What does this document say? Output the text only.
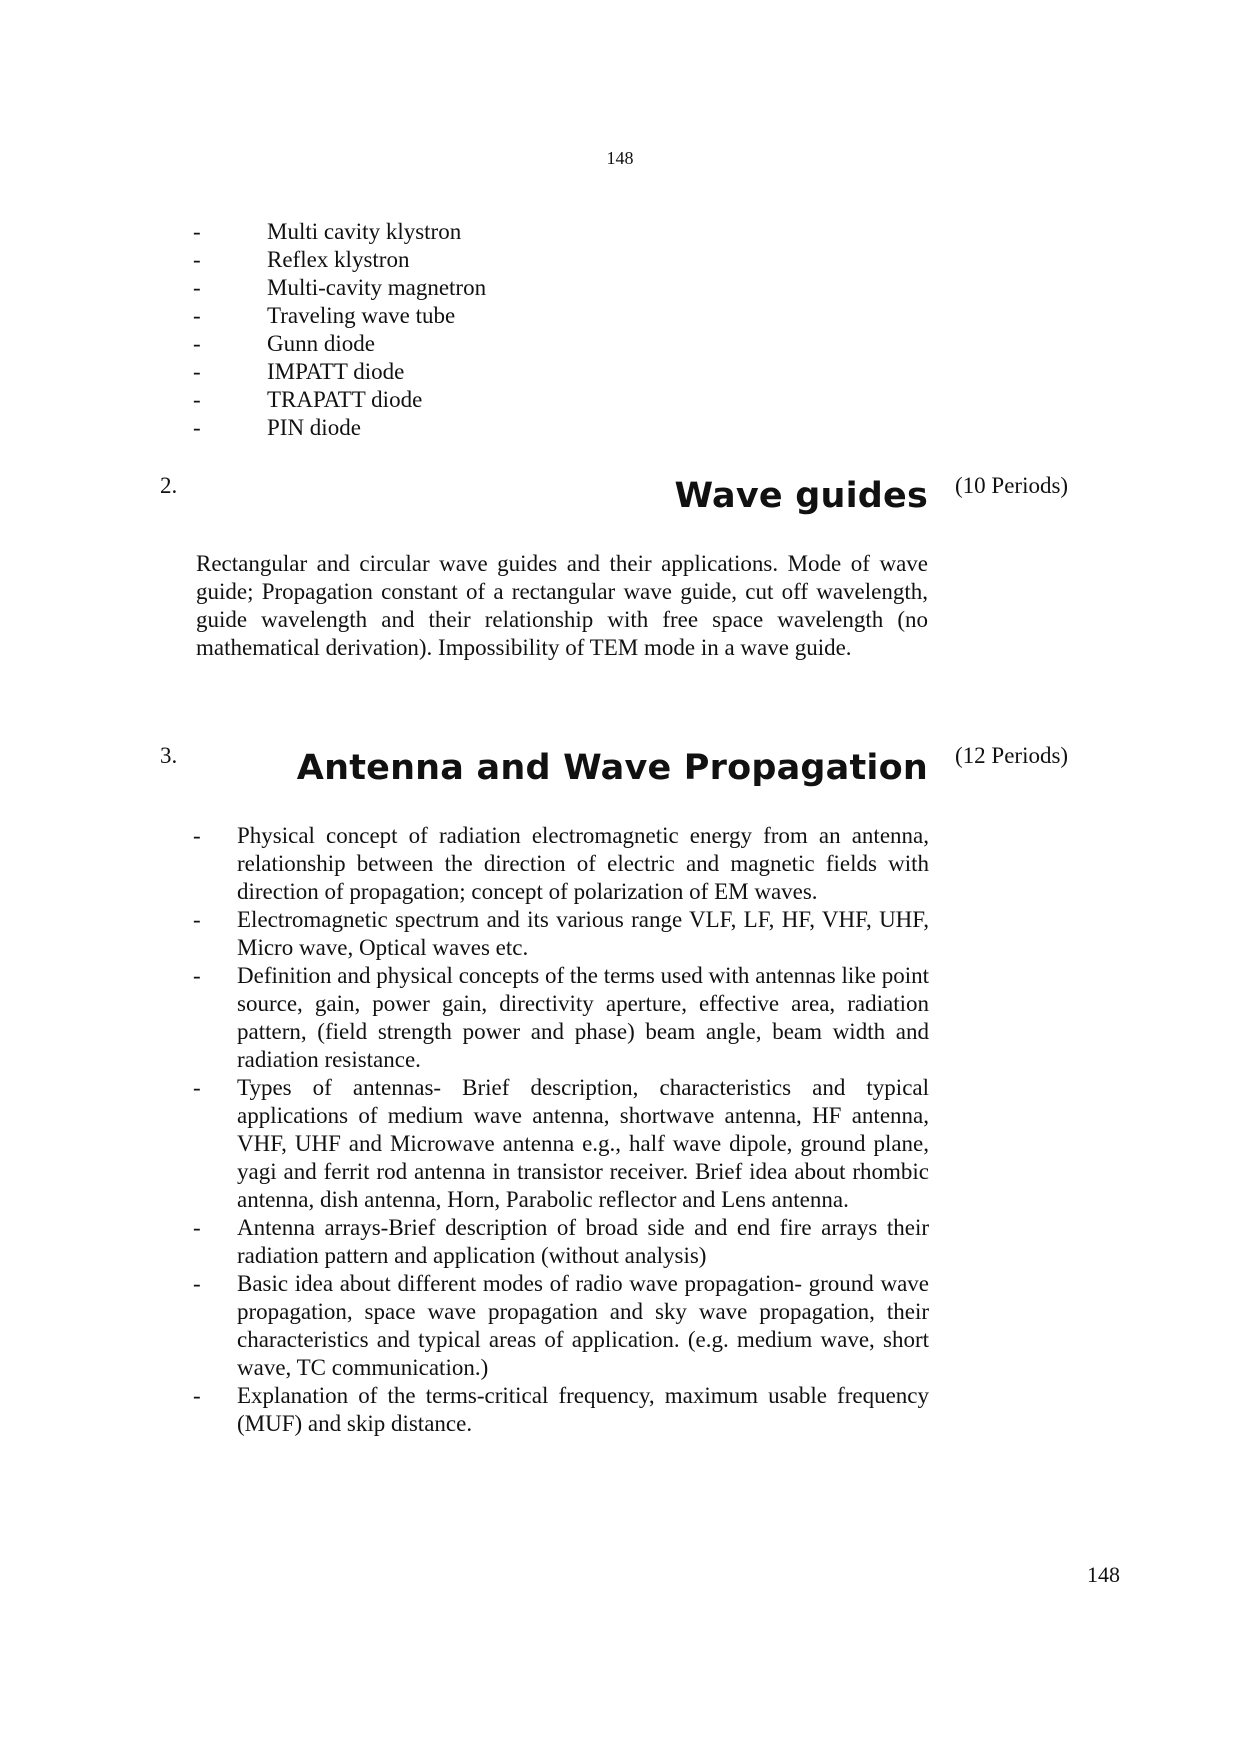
148
-	Multi cavity klystron
-	Reflex klystron
-	Multi-cavity magnetron
-	Traveling wave tube
-	Gunn diode
-	IMPATT diode
-	TRAPATT diode
-	PIN diode
2.	Wave guides (10 Periods)

Rectangular and circular wave guides and their applications. Mode of wave guide; Propagation constant of a rectangular wave guide, cut off wavelength, guide wavelength and their relationship with free space wavelength (no mathematical derivation). Impossibility of TEM mode in a wave guide.

3.	Antenna and Wave Propagation (12 Periods)
-	Physical concept of radiation electromagnetic energy from an antenna, relationship between the direction of electric and magnetic fields with direction of propagation; concept of polarization of EM waves.
-	Electromagnetic spectrum and its various range VLF, LF, HF, VHF, UHF, Micro wave, Optical waves etc.
-	Definition and physical concepts of the terms used with antennas like point source, gain, power gain, directivity aperture, effective area, radiation pattern, (field strength power and phase) beam angle, beam width and radiation resistance.
-	Types of antennas- Brief description, characteristics and typical applications of medium wave antenna, shortwave antenna, HF antenna, VHF, UHF and Microwave antenna e.g., half wave dipole, ground plane, yagi and ferrit rod antenna in transistor receiver. Brief idea about rhombic antenna, dish antenna, Horn, Parabolic reflector and Lens antenna.
-	Antenna arrays-Brief description of broad side and end fire arrays their radiation pattern and application (without analysis)
-	Basic idea about different modes of radio wave propagation- ground wave propagation, space wave propagation and sky wave propagation, their characteristics and typical areas of application. (e.g. medium wave, short wave, TC communication.)
-	Explanation of the terms-critical frequency, maximum usable frequency (MUF) and skip distance.
148
